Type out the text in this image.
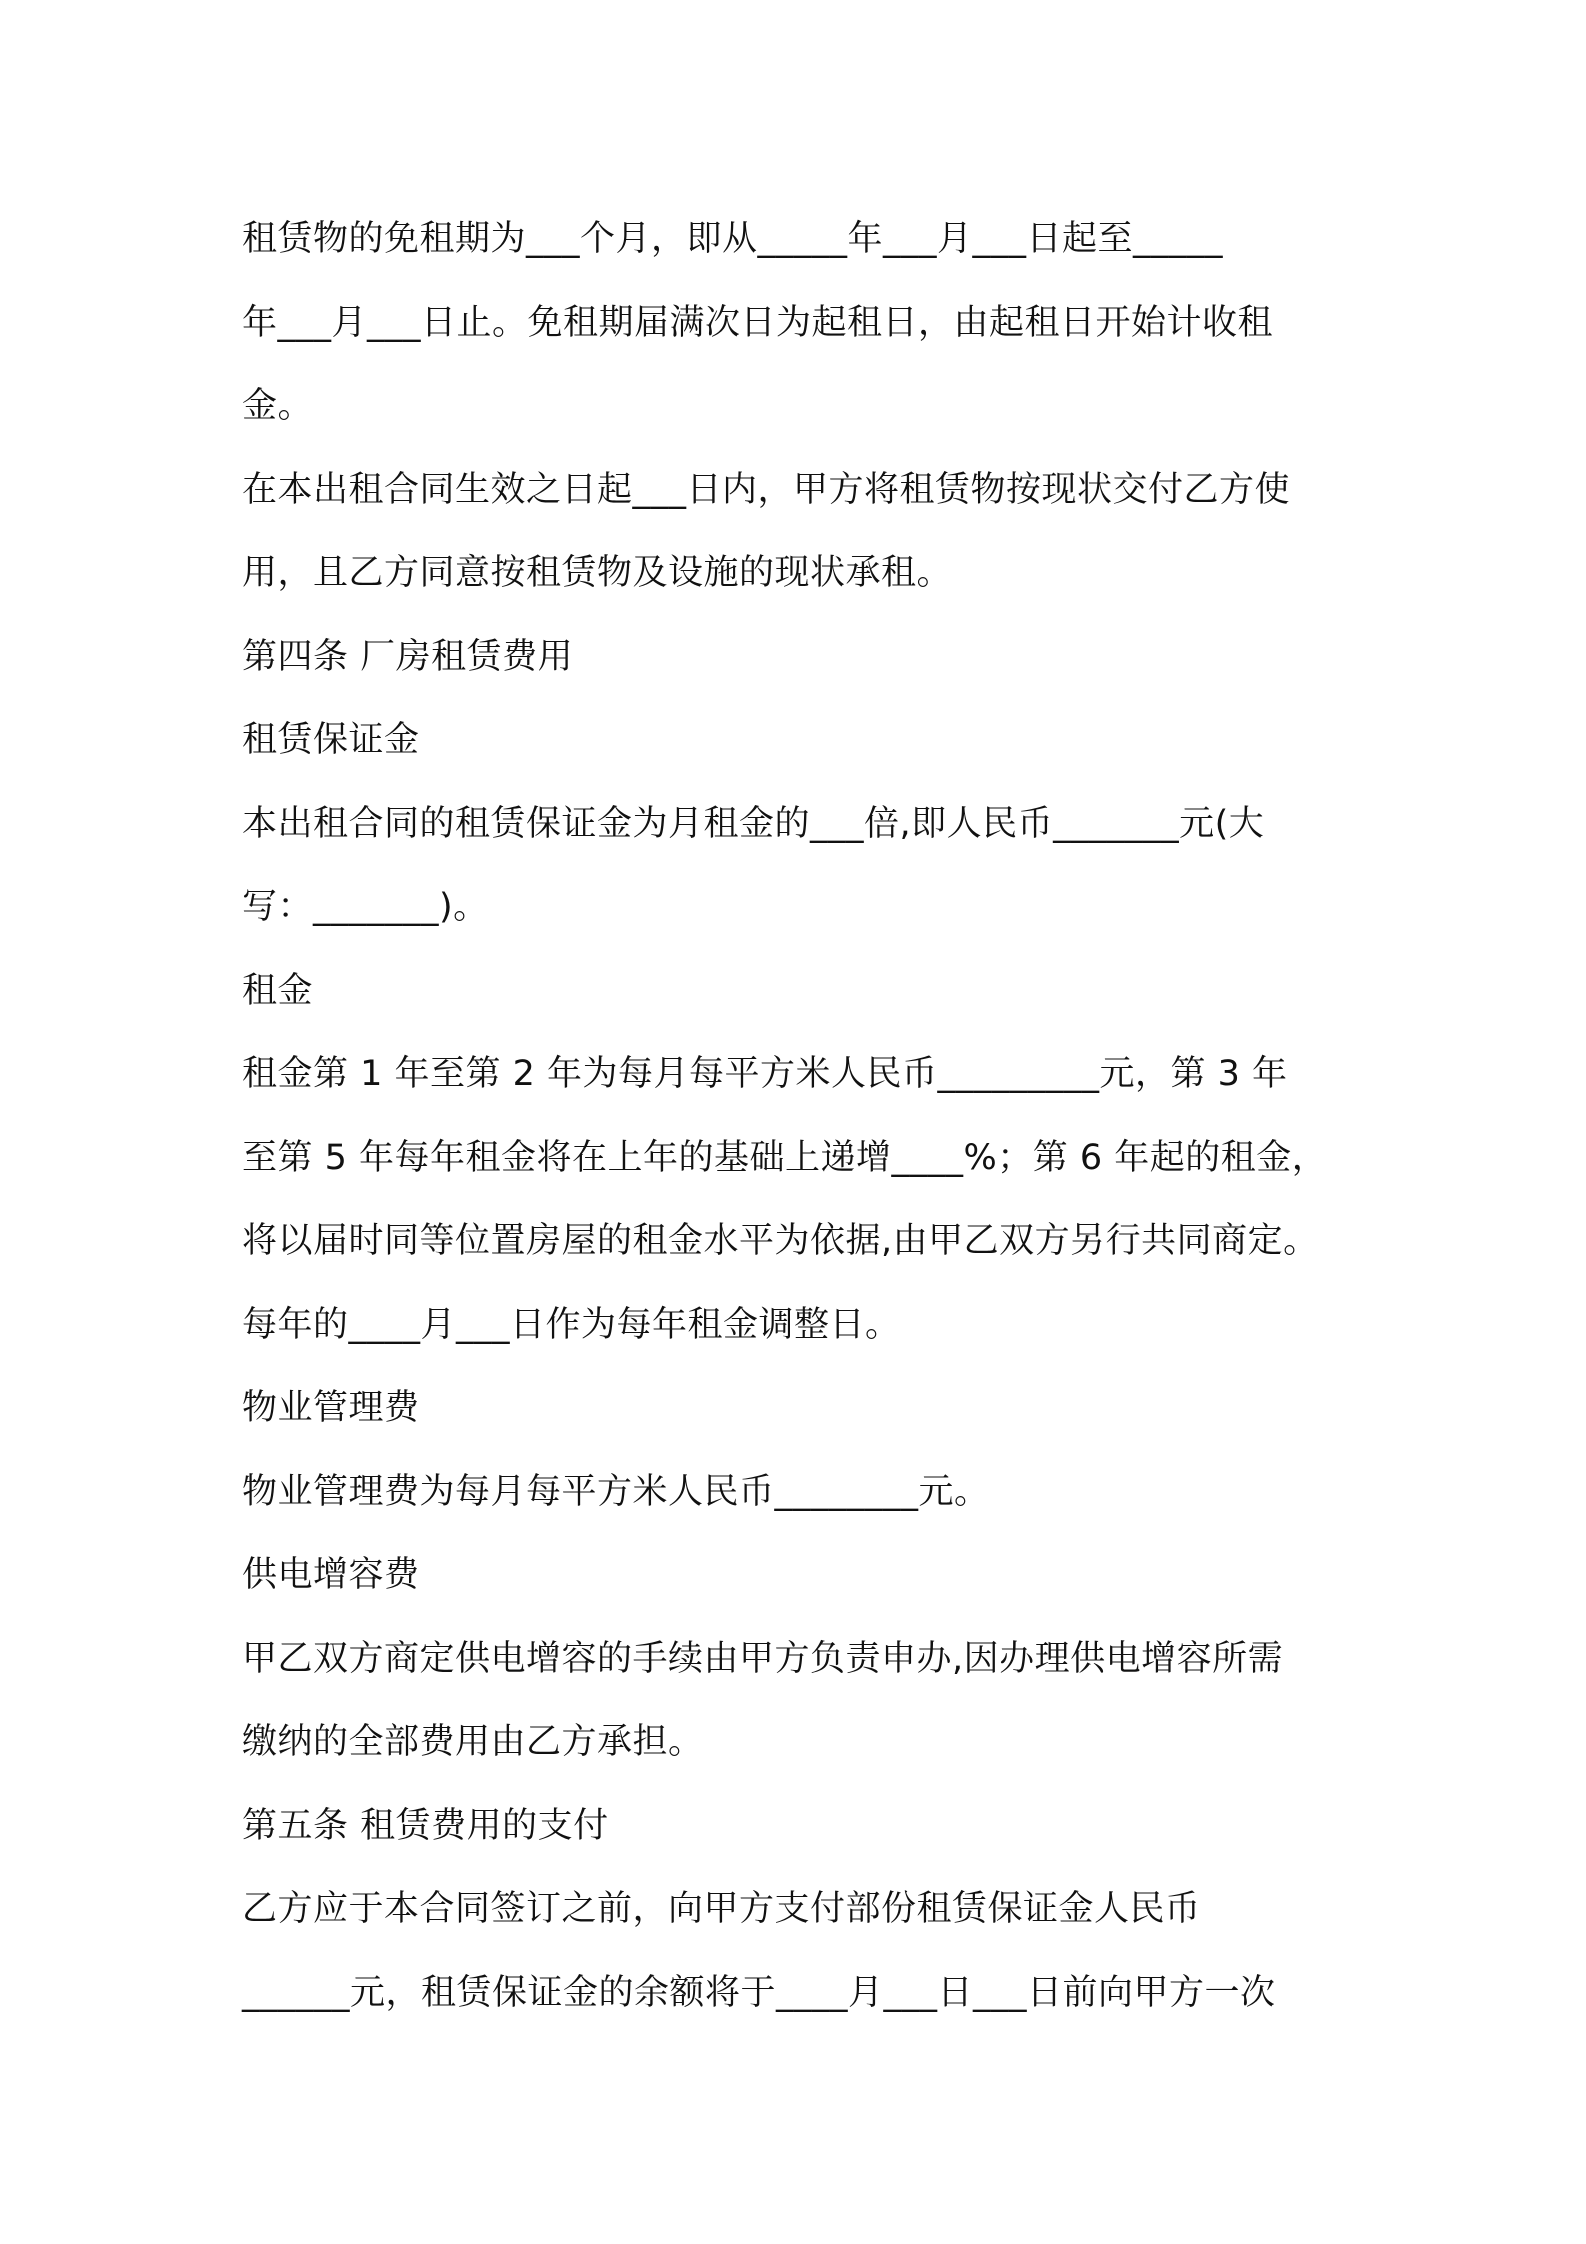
租赁物的免租期为___个月，即从_____年___月___日起至_____
年___月___日止。免租期届满次日为起租日，由起租日开始计收租
金。
在本出租合同生效之日起___日内，甲方将租赁物按现状交付乙方使
用，且乙方同意按租赁物及设施的现状承租。
第四条 厂房租赁费用
租赁保证金
本出租合同的租赁保证金为月租金的___倍,即人民币_______元(大
写：_______)。
租金
租金第 1 年至第 2 年为每月每平方米人民币_________元，第 3 年
至第 5 年每年租金将在上年的基础上递增____%；第 6 年起的租金，
将以届时同等位置房屋的租金水平为依据,由甲乙双方另行共同商定。
每年的____月___日作为每年租金调整日。
物业管理费
物业管理费为每月每平方米人民币________元。
供电增容费
甲乙双方商定供电增容的手续由甲方负责申办,因办理供电增容所需
缴纳的全部费用由乙方承担。
第五条 租赁费用的支付
乙方应于本合同签订之前，向甲方支付部份租赁保证金人民币
______元，租赁保证金的余额将于____月___日___日前向甲方一次
